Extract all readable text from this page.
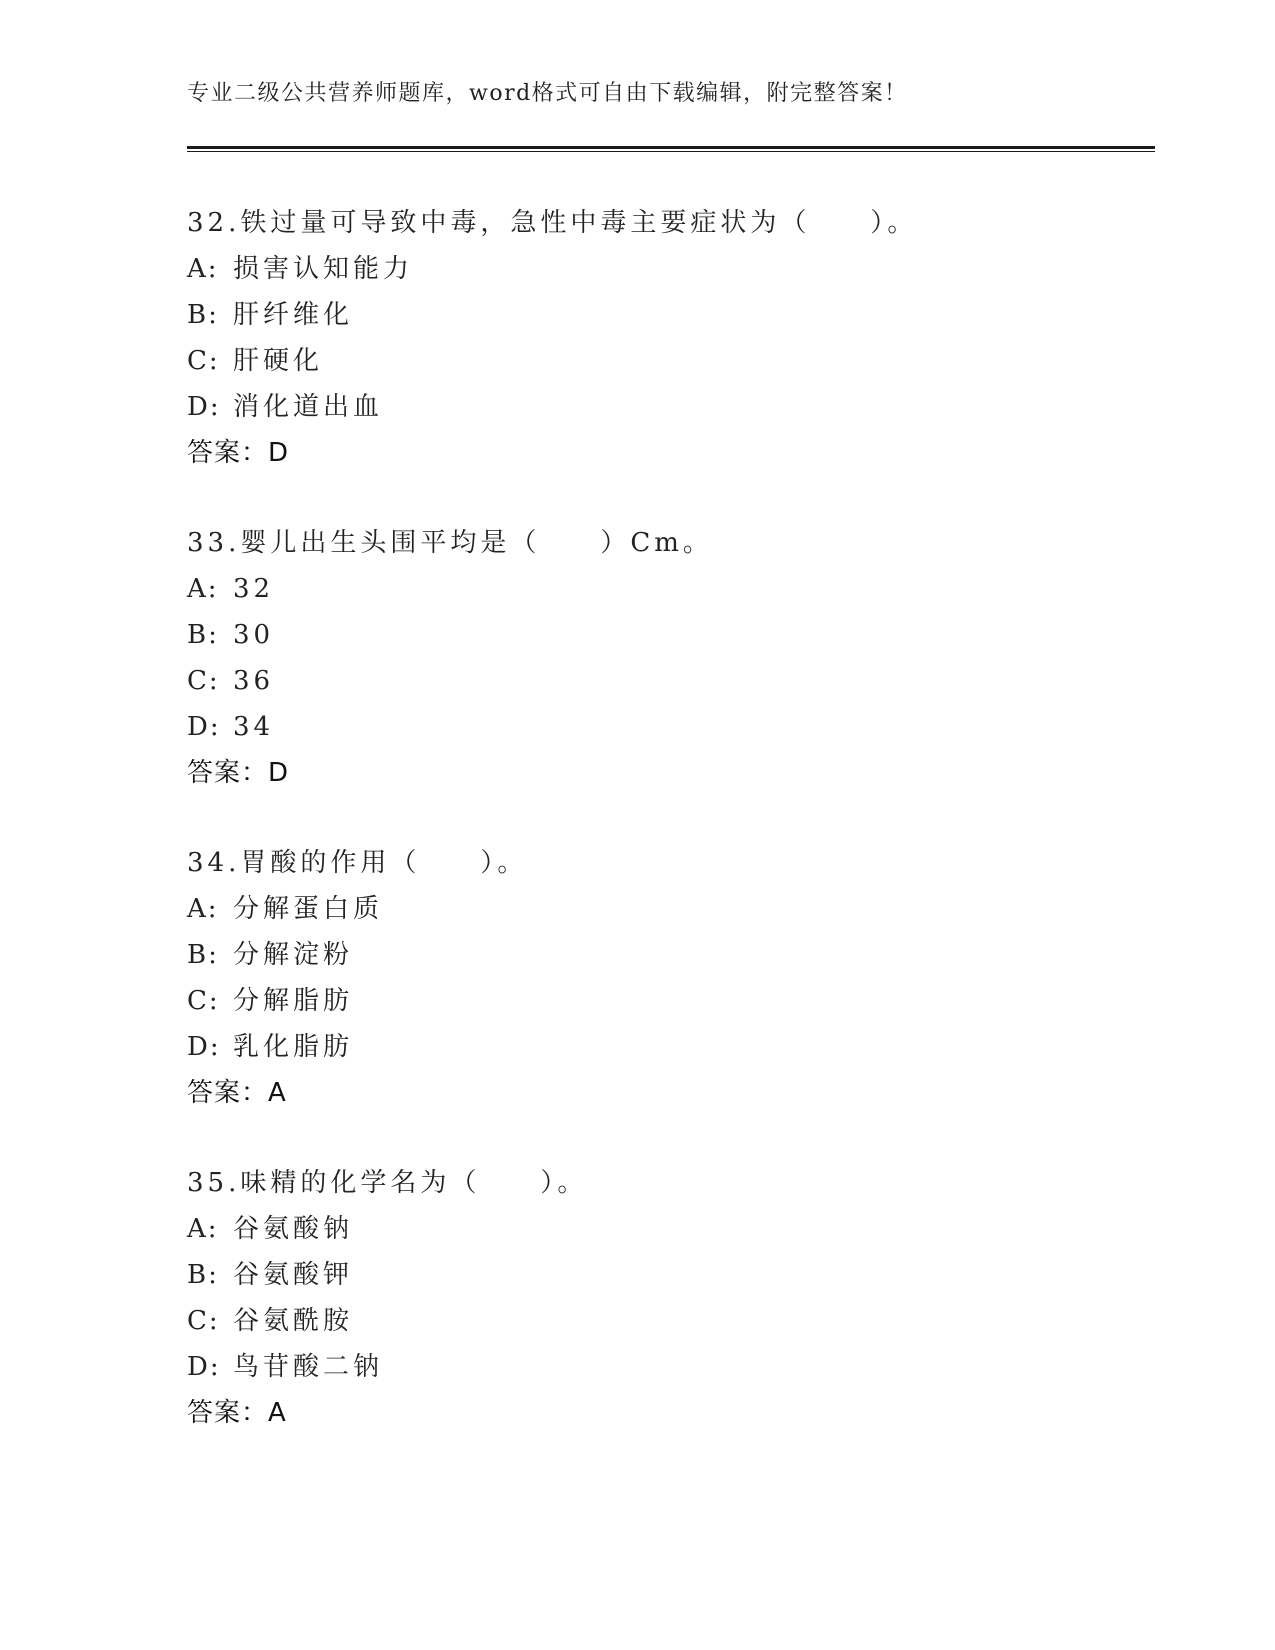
专业二级公共营养师题库，word格式可自由下载编辑，附完整答案！
32.铁过量可导致中毒，急性中毒主要症状为（　　）。
A: 损害认知能力
B: 肝纤维化
C: 肝硬化
D: 消化道出血
答案：D
33.婴儿出生头围平均是（　　）Cm。
A: 32
B: 30
C: 36
D: 34
答案：D
34.胃酸的作用（　　）。
A: 分解蛋白质
B: 分解淀粉
C: 分解脂肪
D: 乳化脂肪
答案：A
35.味精的化学名为（　　）。
A: 谷氨酸钠
B: 谷氨酸钾
C: 谷氨酰胺
D: 鸟苷酸二钠
答案：A
